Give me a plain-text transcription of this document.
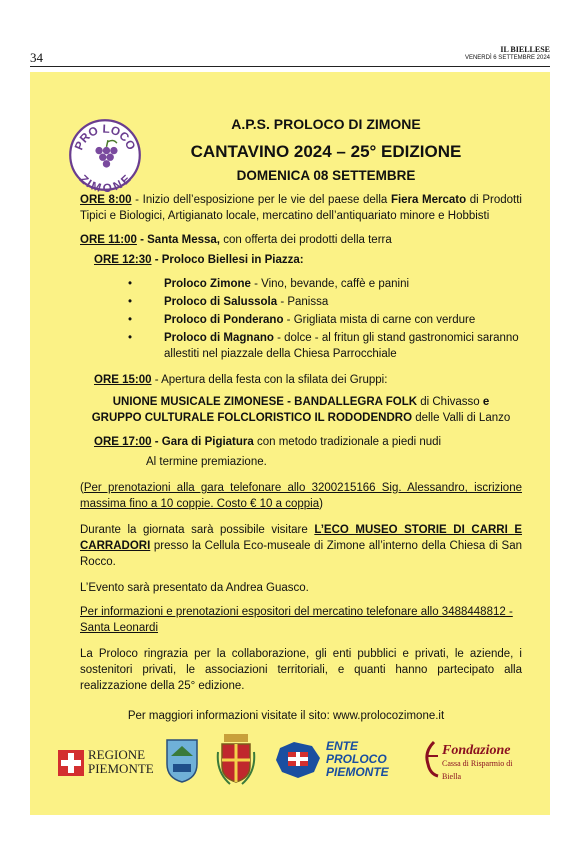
34
IL BIELLESE
VENERDÌ 6 SETTEMBRE 2024
PRO LOCO
ZIMONE
A.P.S. PROLOCO DI ZIMONE
CANTAVINO 2024 – 25° EDIZIONE
DOMENICA 08 SETTEMBRE

ORE 8:00 - Inizio dell’esposizione per le vie del paese della Fiera Mercato di Prodotti Tipici e Biologici, Artigianato locale, mercatino dell’antiquariato minore e Hobbisti

ORE 11:00 - Santa Messa, con offerta dei prodotti della terra

ORE 12:30 - Proloco Biellesi in Piazza:

• Proloco Zimone - Vino, bevande, caffè e panini
• Proloco di Salussola - Panissa
• Proloco di Ponderano - Grigliata mista di carne con verdure
• Proloco di Magnano - dolce - al fritun gli stand gastronomici saranno allestiti nel piazzale della Chiesa Parrocchiale

ORE 15:00 - Apertura della festa con la sfilata dei Gruppi:

UNIONE MUSICALE ZIMONESE - BANDALLEGRA FOLK di Chivasso e
GRUPPO CULTURALE FOLCLORISTICO IL RODODENDRO delle Valli di Lanzo

ORE 17:00 - Gara di Pigiatura con metodo tradizionale a piedi nudi

Al termine premiazione.

(Per prenotazioni alla gara telefonare allo 3200215166 Sig. Alessandro, iscrizione massima fino a 10 coppie. Costo € 10 a coppia)

Durante la giornata sarà possibile visitare L’ECO MUSEO STORIE DI CARRI E CARRADORI presso la Cellula Eco-museale di Zimone all’interno della Chiesa di San Rocco.

L’Evento sarà presentato da Andrea Guasco.

Per informazioni e prenotazioni espositori del mercatino telefonare allo 3488448812 - Santa Leonardi

La Proloco ringrazia per la collaborazione, gli enti pubblici e privati, le aziende, i sostenitori privati, le associazioni territoriali, e quanti hanno partecipato alla realizzazione della 25° edizione.

Per maggiori informazioni visitate il sito: www.prolocozimone.it

REGIONE
PIEMONTE
ENTE
PROLOCO
PIEMONTE
Fondazione
Cassa di Risparmio di Biella
